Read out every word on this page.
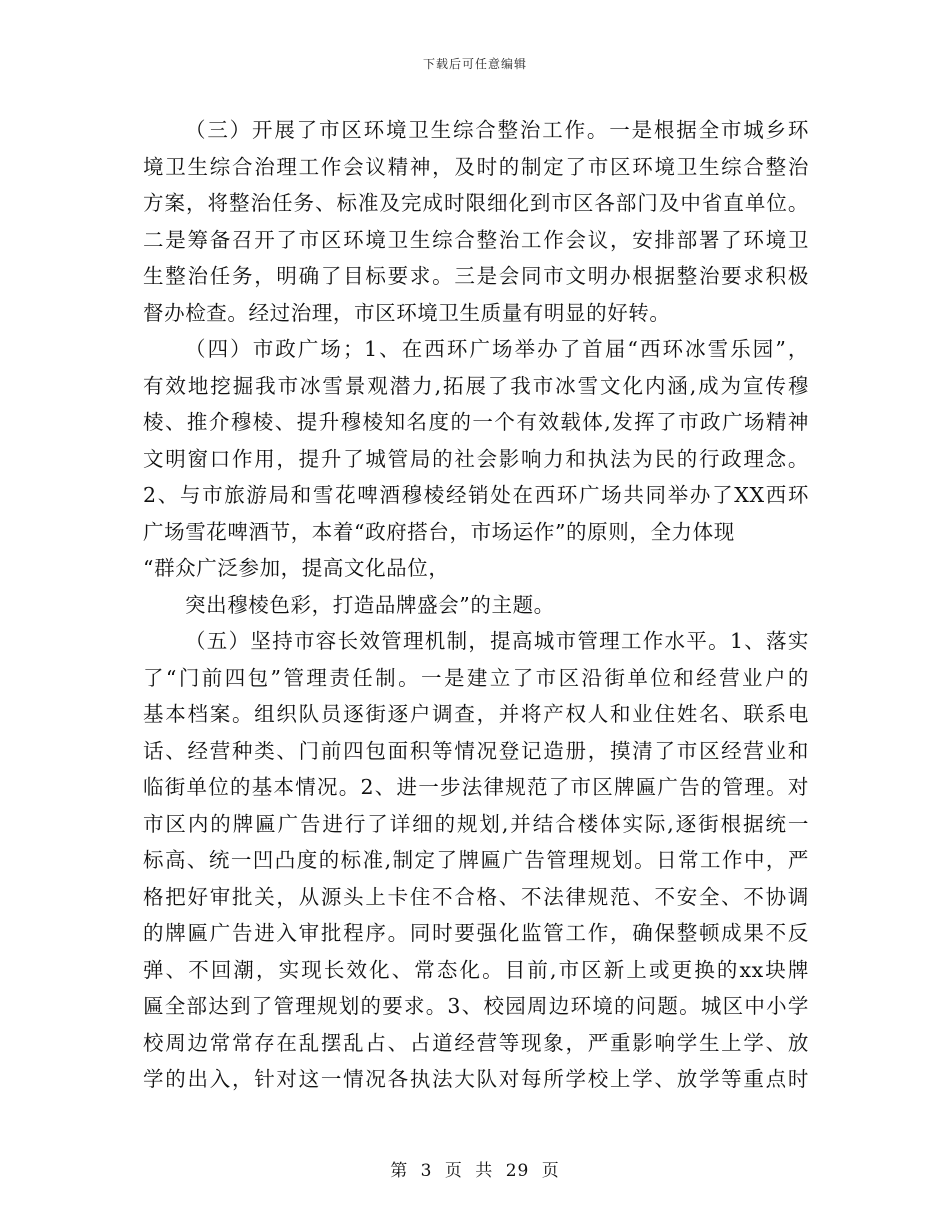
下载后可任意编辑
（三）开展了市区环境卫生综合整治工作。一是根据全市城乡环
境卫生综合治理工作会议精神，及时的制定了市区环境卫生综合整治
方案，将整治任务、标准及完成时限细化到市区各部门及中省直单位。
二是筹备召开了市区环境卫生综合整治工作会议，安排部署了环境卫
生整治任务，明确了目标要求。三是会同市文明办根据整治要求积极
督办检查。经过治理，市区环境卫生质量有明显的好转。
（四）市政广场；1、在西环广场举办了首届“西环冰雪乐园”，
有效地挖掘我市冰雪景观潜力,拓展了我市冰雪文化内涵,成为宣传穆
棱、推介穆棱、提升穆棱知名度的一个有效载体,发挥了市政广场精神
文明窗口作用，提升了城管局的社会影响力和执法为民的行政理念。
2、与市旅游局和雪花啤酒穆棱经销处在西环广场共同举办了XX西环
广场雪花啤酒节，本着“政府搭台，市场运作”的原则，全力体现
“群众广泛参加，提高文化品位，
突出穆棱色彩，打造品牌盛会”的主题。
（五）坚持市容长效管理机制，提高城市管理工作水平。1、落实
了“门前四包”管理责任制。一是建立了市区沿街单位和经营业户的
基本档案。组织队员逐街逐户调查，并将产权人和业住姓名、联系电
话、经营种类、门前四包面积等情况登记造册，摸清了市区经营业和
临街单位的基本情况。2、进一步法律规范了市区牌匾广告的管理。对
市区内的牌匾广告进行了详细的规划,并结合楼体实际,逐街根据统一
标高、统一凹凸度的标准,制定了牌匾广告管理规划。日常工作中，严
格把好审批关，从源头上卡住不合格、不法律规范、不安全、不协调
的牌匾广告进入审批程序。同时要强化监管工作，确保整顿成果不反
弹、不回潮，实现长效化、常态化。目前,市区新上或更换的xx块牌
匾全部达到了管理规划的要求。3、校园周边环境的问题。城区中小学
校周边常常存在乱摆乱占、占道经营等现象，严重影响学生上学、放
学的出入，针对这一情况各执法大队对每所学校上学、放学等重点时
第 3 页 共 29 页
